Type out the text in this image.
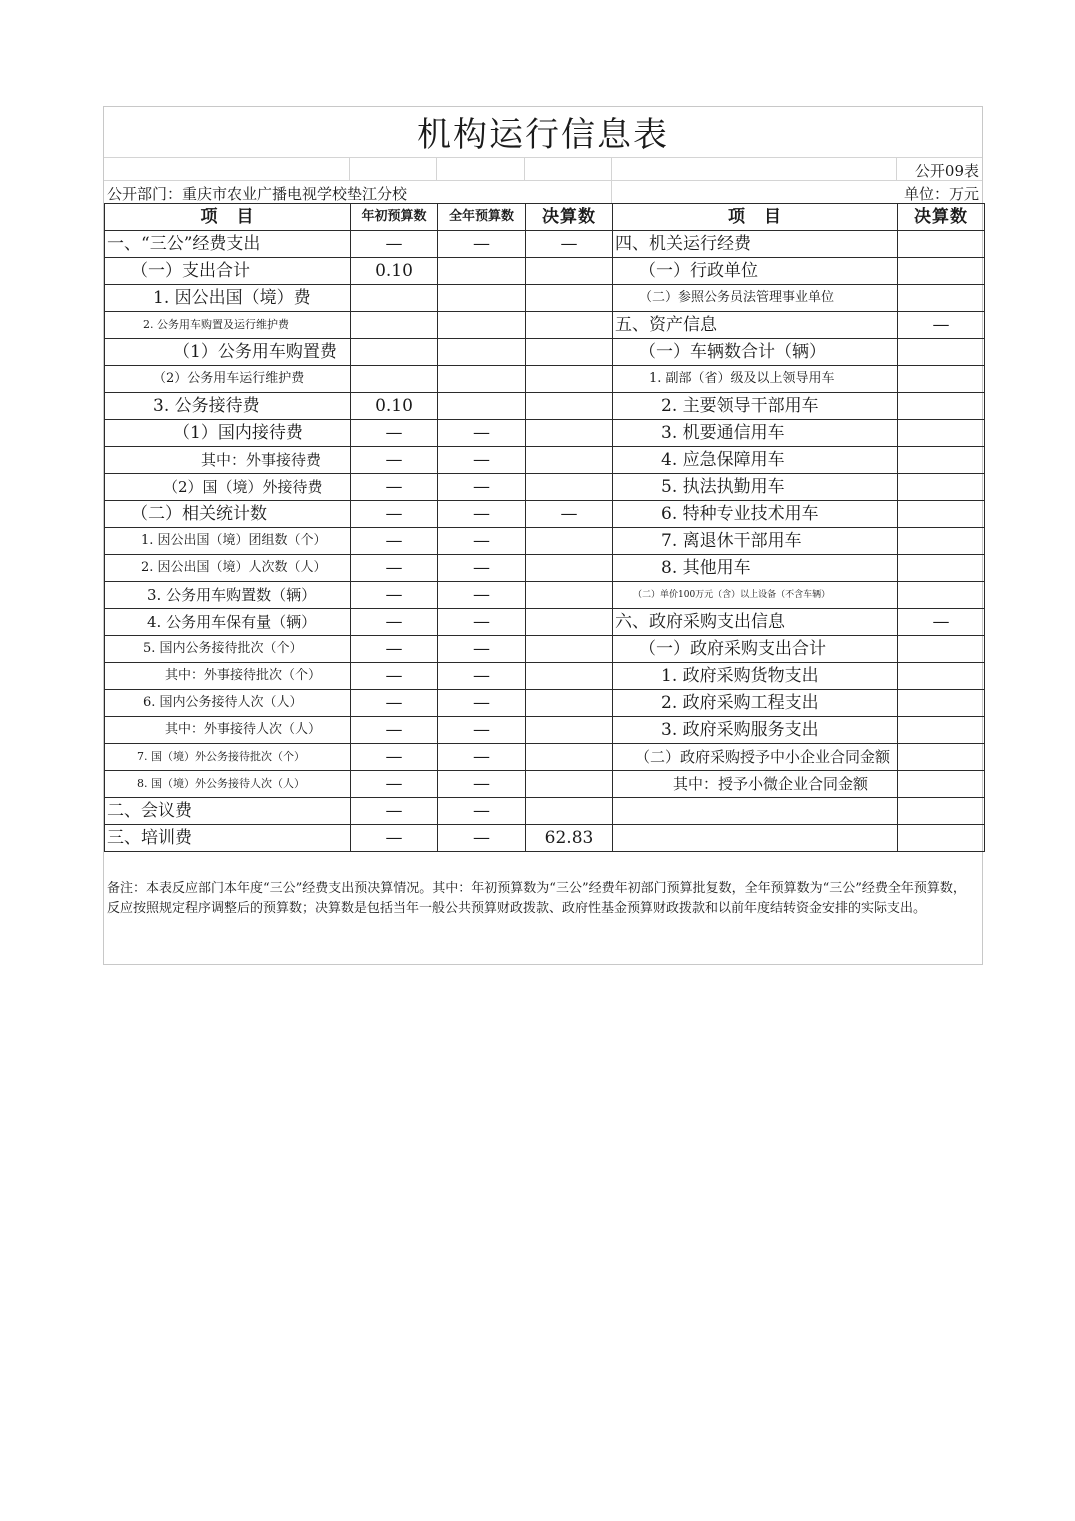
机构运行信息表
公开09表
公开部门：重庆市农业广播电视学校垫江分校	单位：万元
项　目	年初预算数	全年预算数	决算数	项　目	决算数
一、“三公”经费支出	—	—	—	四、机关运行经费	
（一）支出合计	0.10			（一）行政单位	
1. 因公出国（境）费				（二）参照公务员法管理事业单位	
2. 公务用车购置及运行维护费				五、资产信息	—
（1）公务用车购置费				（一）车辆数合计（辆）	
（2）公务用车运行维护费				1. 副部（省）级及以上领导用车	
3. 公务接待费	0.10			2. 主要领导干部用车	
（1）国内接待费	—	—		3. 机要通信用车	
其中：外事接待费	—	—		4. 应急保障用车	
（2）国（境）外接待费	—	—		5. 执法执勤用车	
（二）相关统计数	—	—	—	6. 特种专业技术用车	
1. 因公出国（境）团组数（个）	—	—		7. 离退休干部用车	
2. 因公出国（境）人次数（人）	—	—		8. 其他用车	
3. 公务用车购置数（辆）	—	—		（二）单价100万元（含）以上设备（不含车辆）	
4. 公务用车保有量（辆）	—	—		六、政府采购支出信息	—
5. 国内公务接待批次（个）	—	—		（一）政府采购支出合计	
其中：外事接待批次（个）	—	—		1. 政府采购货物支出	
6. 国内公务接待人次（人）	—	—		2. 政府采购工程支出	
其中：外事接待人次（人）	—	—		3. 政府采购服务支出	
7. 国（境）外公务接待批次（个）	—	—		（二）政府采购授予中小企业合同金额	
8. 国（境）外公务接待人次（人）	—	—		其中：授予小微企业合同金额	
二、会议费	—	—			
三、培训费	—	—	62.83		
备注：本表反应部门本年度“三公”经费支出预决算情况。其中：年初预算数为“三公”经费年初部门预算批复数，全年预算数为“三公”经费全年预算数，反应按照规定程序调整后的预算数；决算数是包括当年一般公共预算财政拨款、政府性基金预算财政拨款和以前年度结转资金安排的实际支出。
